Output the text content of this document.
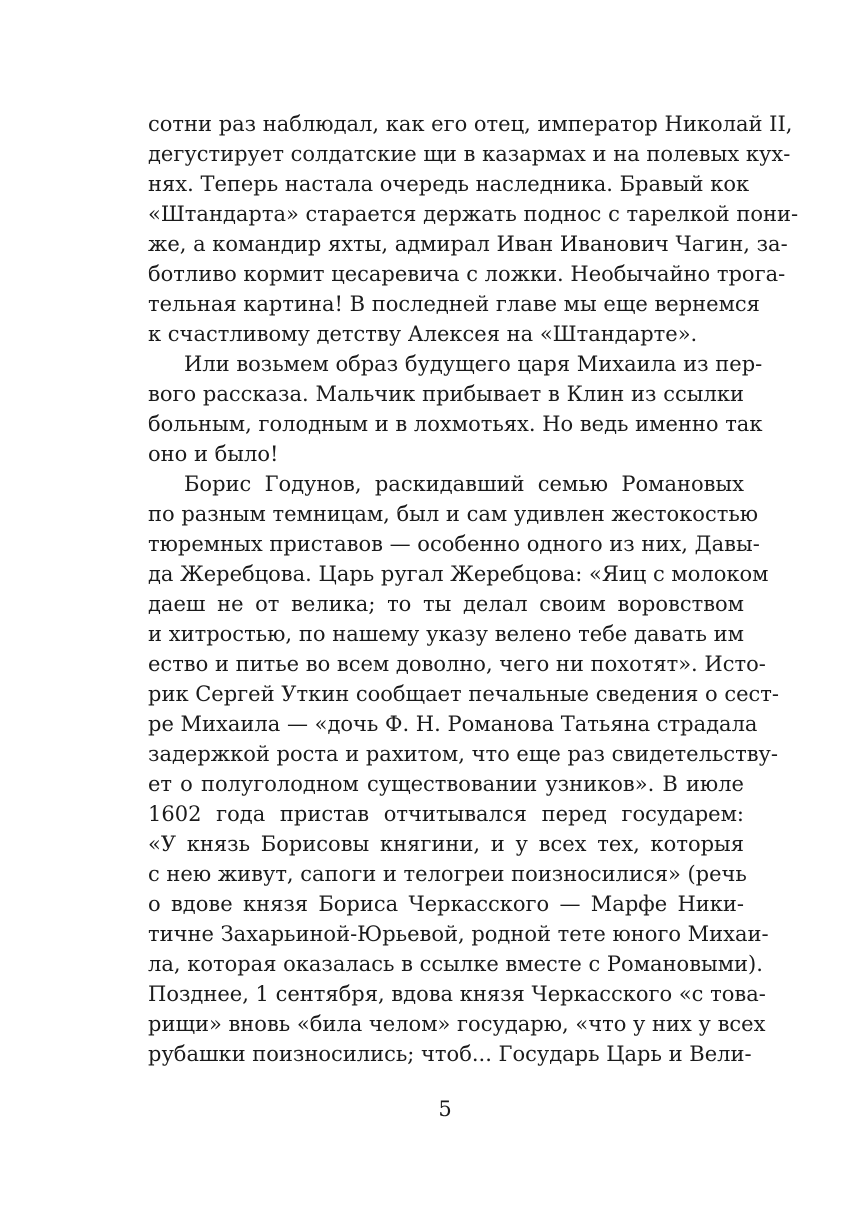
сотни раз наблюдал, как его отец, император Николай II,
дегустирует солдатские щи в казармах и на полевых кух-
нях. Теперь настала очередь наследника. Бравый кок
«Штандарта» старается держать поднос с тарелкой пони-
же, а командир яхты, адмирал Иван Иванович Чагин, за-
ботливо кормит цесаревича с ложки. Необычайно трога-
тельная картина! В последней главе мы еще вернемся
к счастливому детству Алексея на «Штандарте».
Или возьмем образ будущего царя Михаила из пер-
вого рассказа. Мальчик прибывает в Клин из ссылки
больным, голодным и в лохмотьях. Но ведь именно так
оно и было!
Борис Годунов, раскидавший семью Романовых
по разным темницам, был и сам удивлен жестокостью
тюремных приставов — особенно одного из них, Давы-
да Жеребцова. Царь ругал Жеребцова: «Яиц с молоком
даеш не от велика; то ты делал своим воровством
и хитростью, по нашему указу велено тебе давать им
ество и питье во всем доволно, чего ни похотят». Исто-
рик Сергей Уткин сообщает печальные сведения о сест-
ре Михаила — «дочь Ф. Н. Романова Татьяна страдала
задержкой роста и рахитом, что еще раз свидетельству-
ет о полуголодном существовании узников». В июле
1602 года пристав отчитывался перед государем:
«У князь Борисовы княгини, и у всех тех, которыя
с нею живут, сапоги и телогреи поизносилися» (речь
о вдове князя Бориса Черкасского — Марфе Ники-
тичне Захарьиной-Юрьевой, родной тете юного Михаи-
ла, которая оказалась в ссылке вместе с Романовыми).
Позднее, 1 сентября, вдова князя Черкасского «с това-
рищи» вновь «била челом» государю, «что у них у всех
рубашки поизносились; чтоб... Государь Царь и Вели-
5
